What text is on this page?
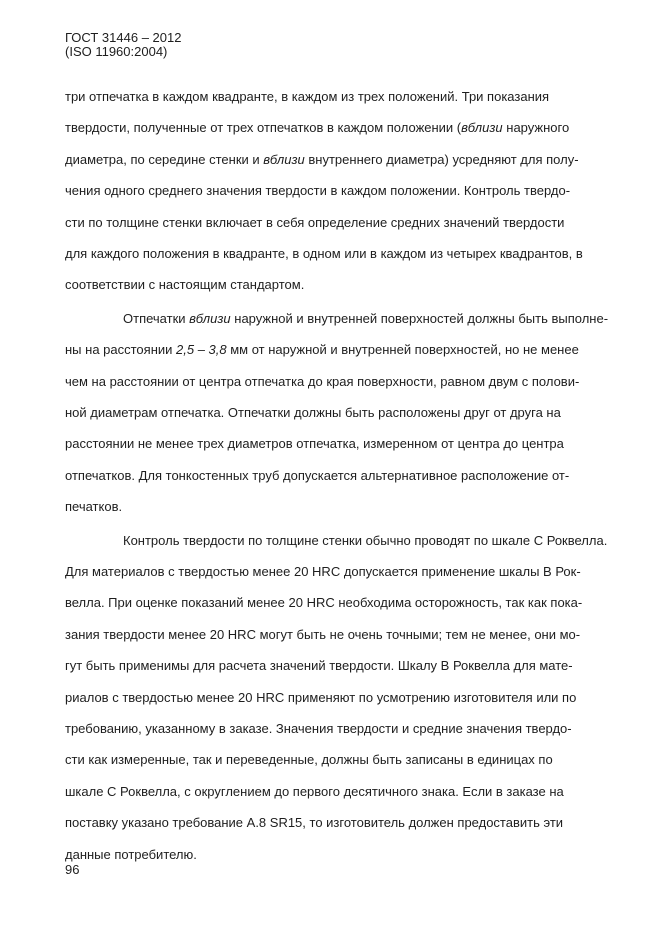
ГОСТ 31446 – 2012
(ISO 11960:2004)
три отпечатка в каждом квадранте, в каждом из трех положений. Три показания
твердости, полученные от трех отпечатков в каждом положении (вблизи наружного
диаметра, по середине стенки и вблизи внутреннего диаметра) усредняют для полу-
чения одного среднего значения твердости в каждом положении. Контроль твердо-
сти по толщине стенки включает в себя определение средних значений твердости
для каждого положения в квадранте, в одном или в каждом из четырех квадрантов, в
соответствии с настоящим стандартом.
Отпечатки вблизи наружной и внутренней поверхностей должны быть выполне-
ны на расстоянии 2,5 – 3,8 мм от наружной и внутренней поверхностей, но не менее
чем на расстоянии от центра отпечатка до края поверхности, равном двум с полови-
ной диаметрам отпечатка. Отпечатки должны быть расположены друг от друга на
расстоянии не менее трех диаметров отпечатка, измеренном от центра до центра
отпечатков. Для тонкостенных труб допускается альтернативное расположение от-
печатков.
Контроль твердости по толщине стенки обычно проводят по шкале С Роквелла.
Для материалов с твердостью менее 20 HRC допускается применение шкалы В Рок-
велла. При оценке показаний менее 20 HRC необходима осторожность, так как пока-
зания твердости менее 20 HRC могут быть не очень точными; тем не менее, они мо-
гут быть применимы для расчета значений твердости. Шкалу В Роквелла для мате-
риалов с твердостью менее 20 HRC применяют по усмотрению изготовителя или по
требованию, указанному в заказе. Значения твердости и средние значения твердо-
сти как измеренные, так и переведенные, должны быть записаны в единицах по
шкале С Роквелла, с округлением до первого десятичного знака. Если в заказе на
поставку указано требование A.8 SR15, то изготовитель должен предоставить эти
данные потребителю.
96
